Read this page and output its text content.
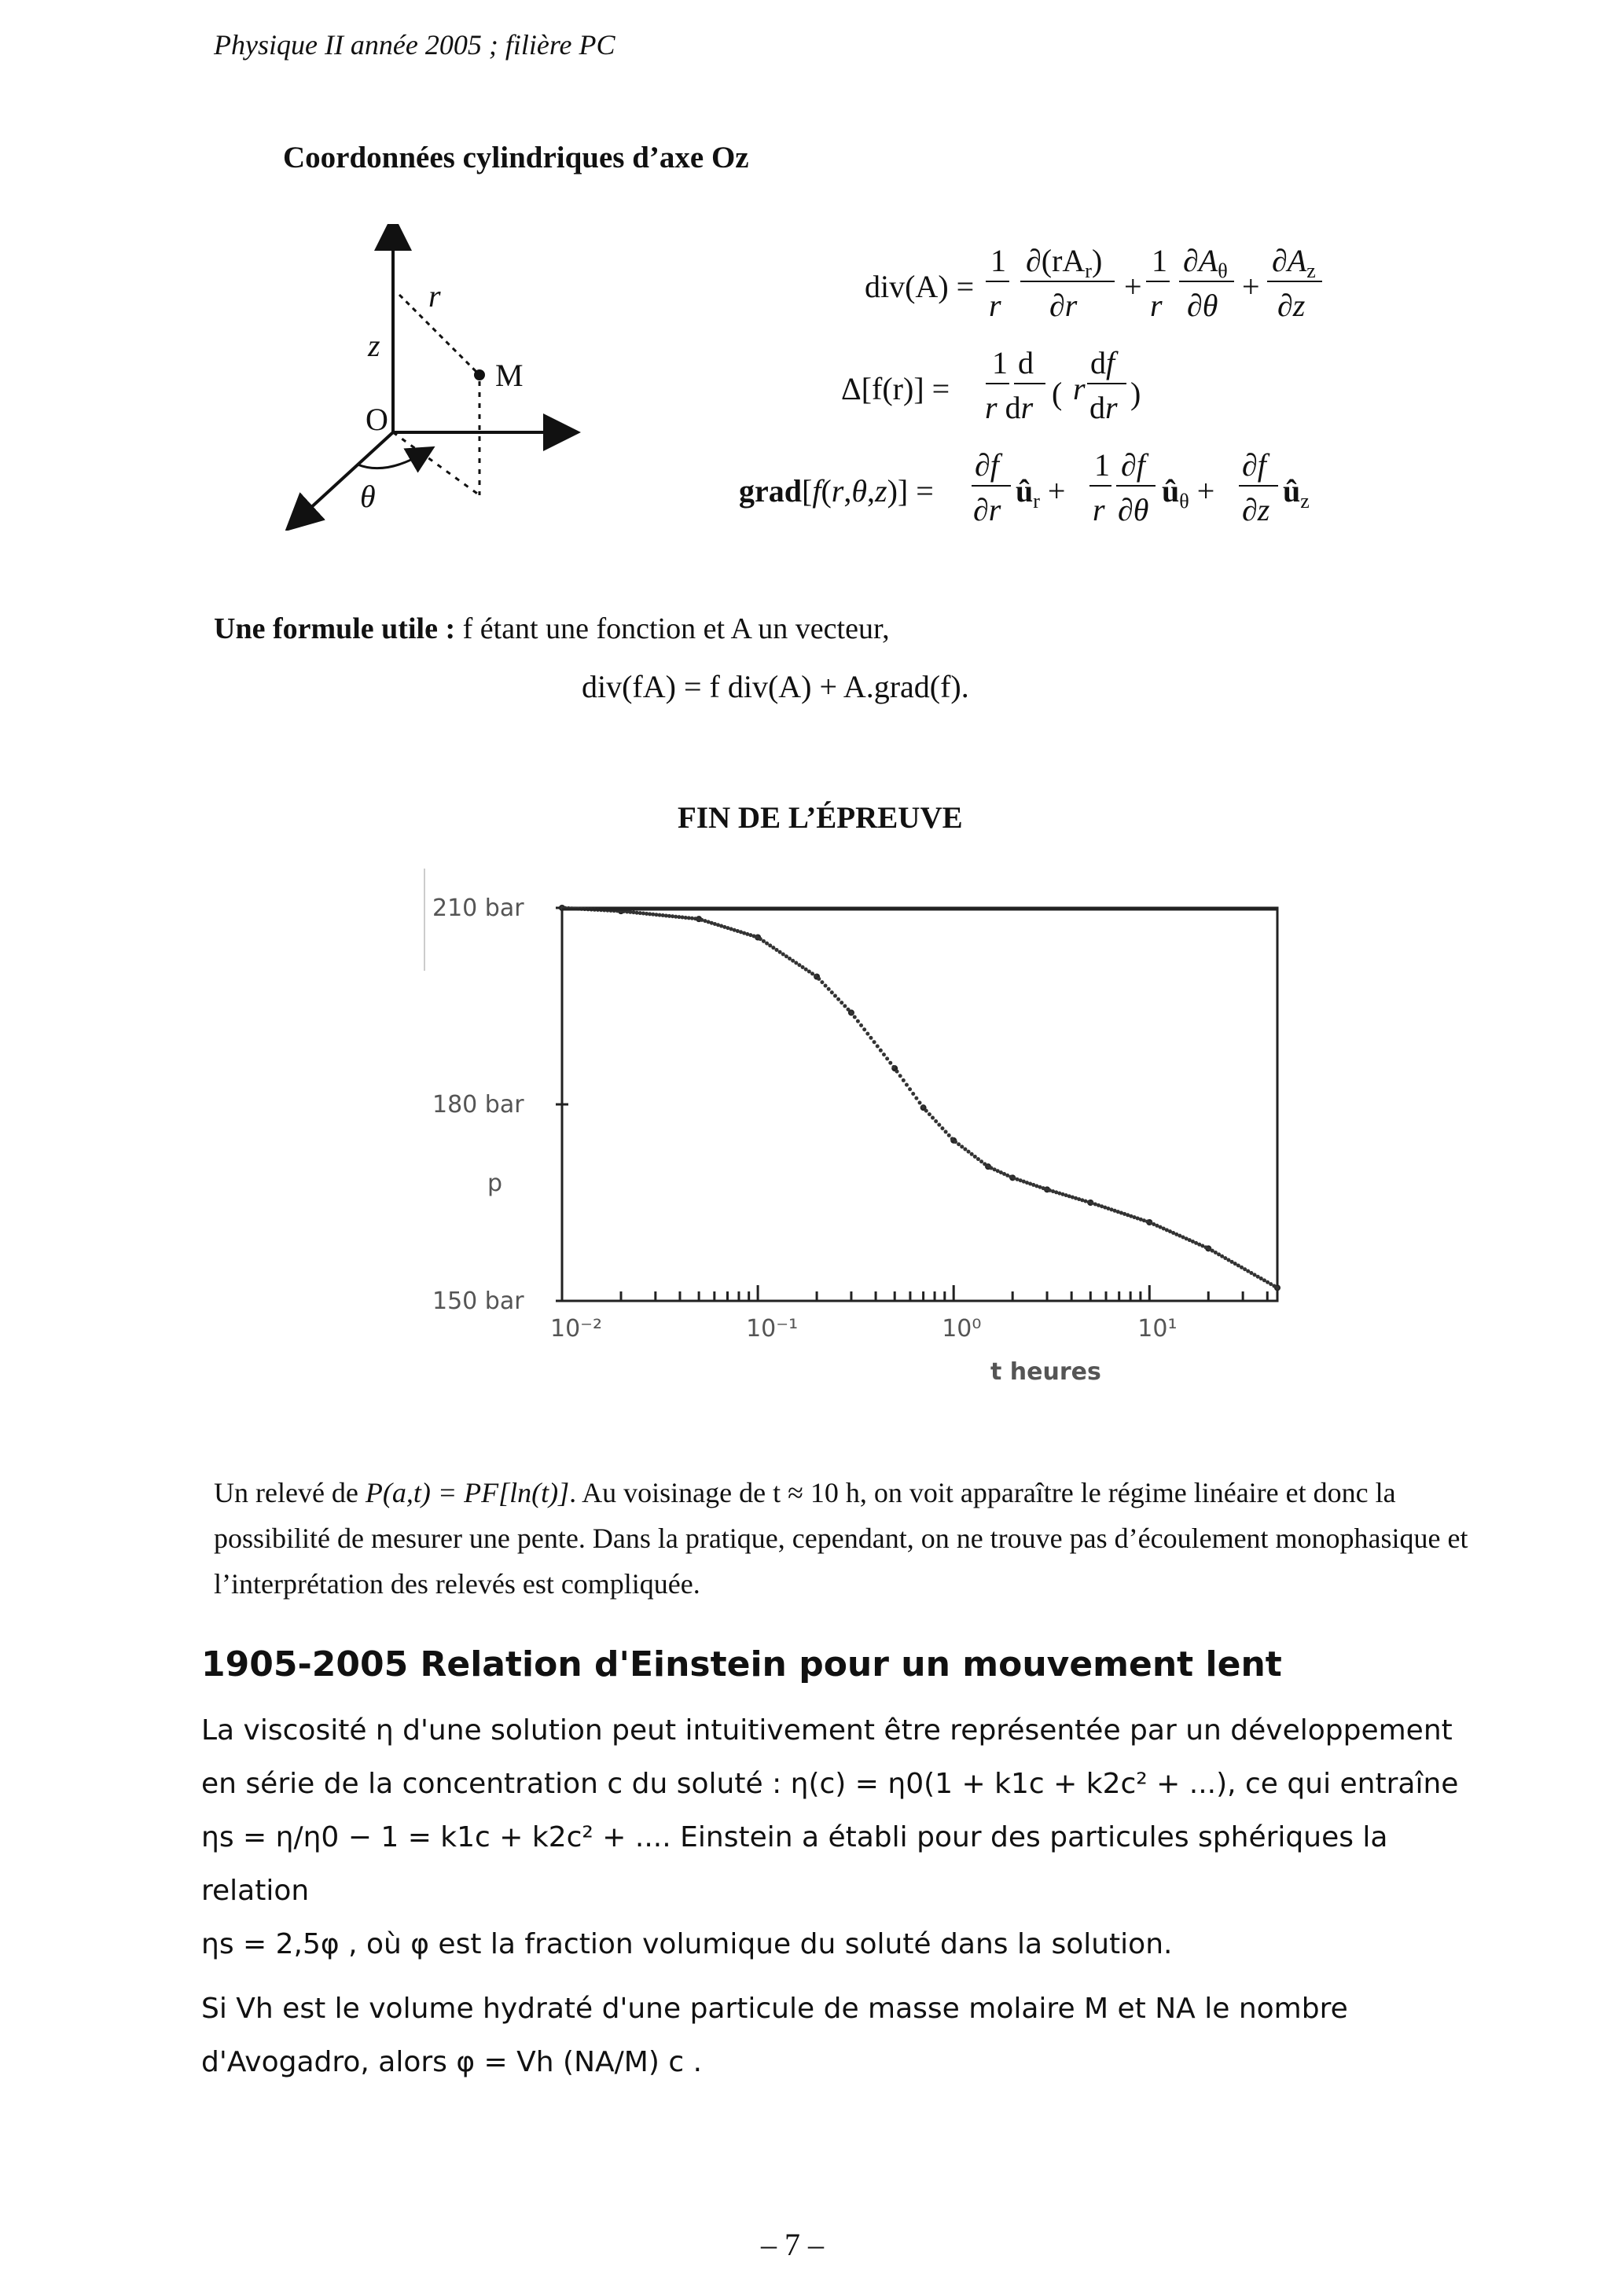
Physique II année 2005 ; filière PC
Coordonnées cylindriques d’axe Oz
z
r
M
O
θ
div(A) =
1
r
$\partial(rA_r)$
∂r
+
1
r
$\partial A_\theta$
∂θ
+
$\partial A_z$
∂z
Δ[f(r)] =
1 d
r dr ( r
df
dr )
grad[f(r,θ,z)] =
∂f
∂r
$û_r$ +
1
r
∂f
∂θ
$û_\theta$ +
∂f
∂z
$û_z$
Une formule utile : f étant une fonction et A un vecteur,
div(fA) = f div(A) + A.grad(f).
FIN DE L’ÉPREUVE
150 bar
180 bar
210 bar
10⁻²	10⁻¹	10⁰	10¹
p
t heures
Un relevé de P(a,t) = PF[ln(t)]. Au voisinage de t ≈ 10 h, on voit apparaître le régime linéaire et donc la possibilité de mesurer une pente. Dans la pratique, cependant, on ne trouve pas d’écoulement monophasique et l’interprétation des relevés est compliquée.
1905-2005 Relation d'Einstein pour un mouvement lent
La viscosité η d'une solution peut intuitivement être représentée par un développement en série de la concentration c du soluté : η(c) = η0(1 + k1c + k2c² + ...), ce qui entraîne
ηs = η/η0 − 1 = k1c + k2c² + .... Einstein a établi pour des particules sphériques la relation
ηs = 2,5φ , où φ est la fraction volumique du soluté dans la solution.
Si Vh est le volume hydraté d'une particule de masse molaire M et NA le nombre
d'Avogadro, alors φ = Vh (NA/M) c .
– 7 –
